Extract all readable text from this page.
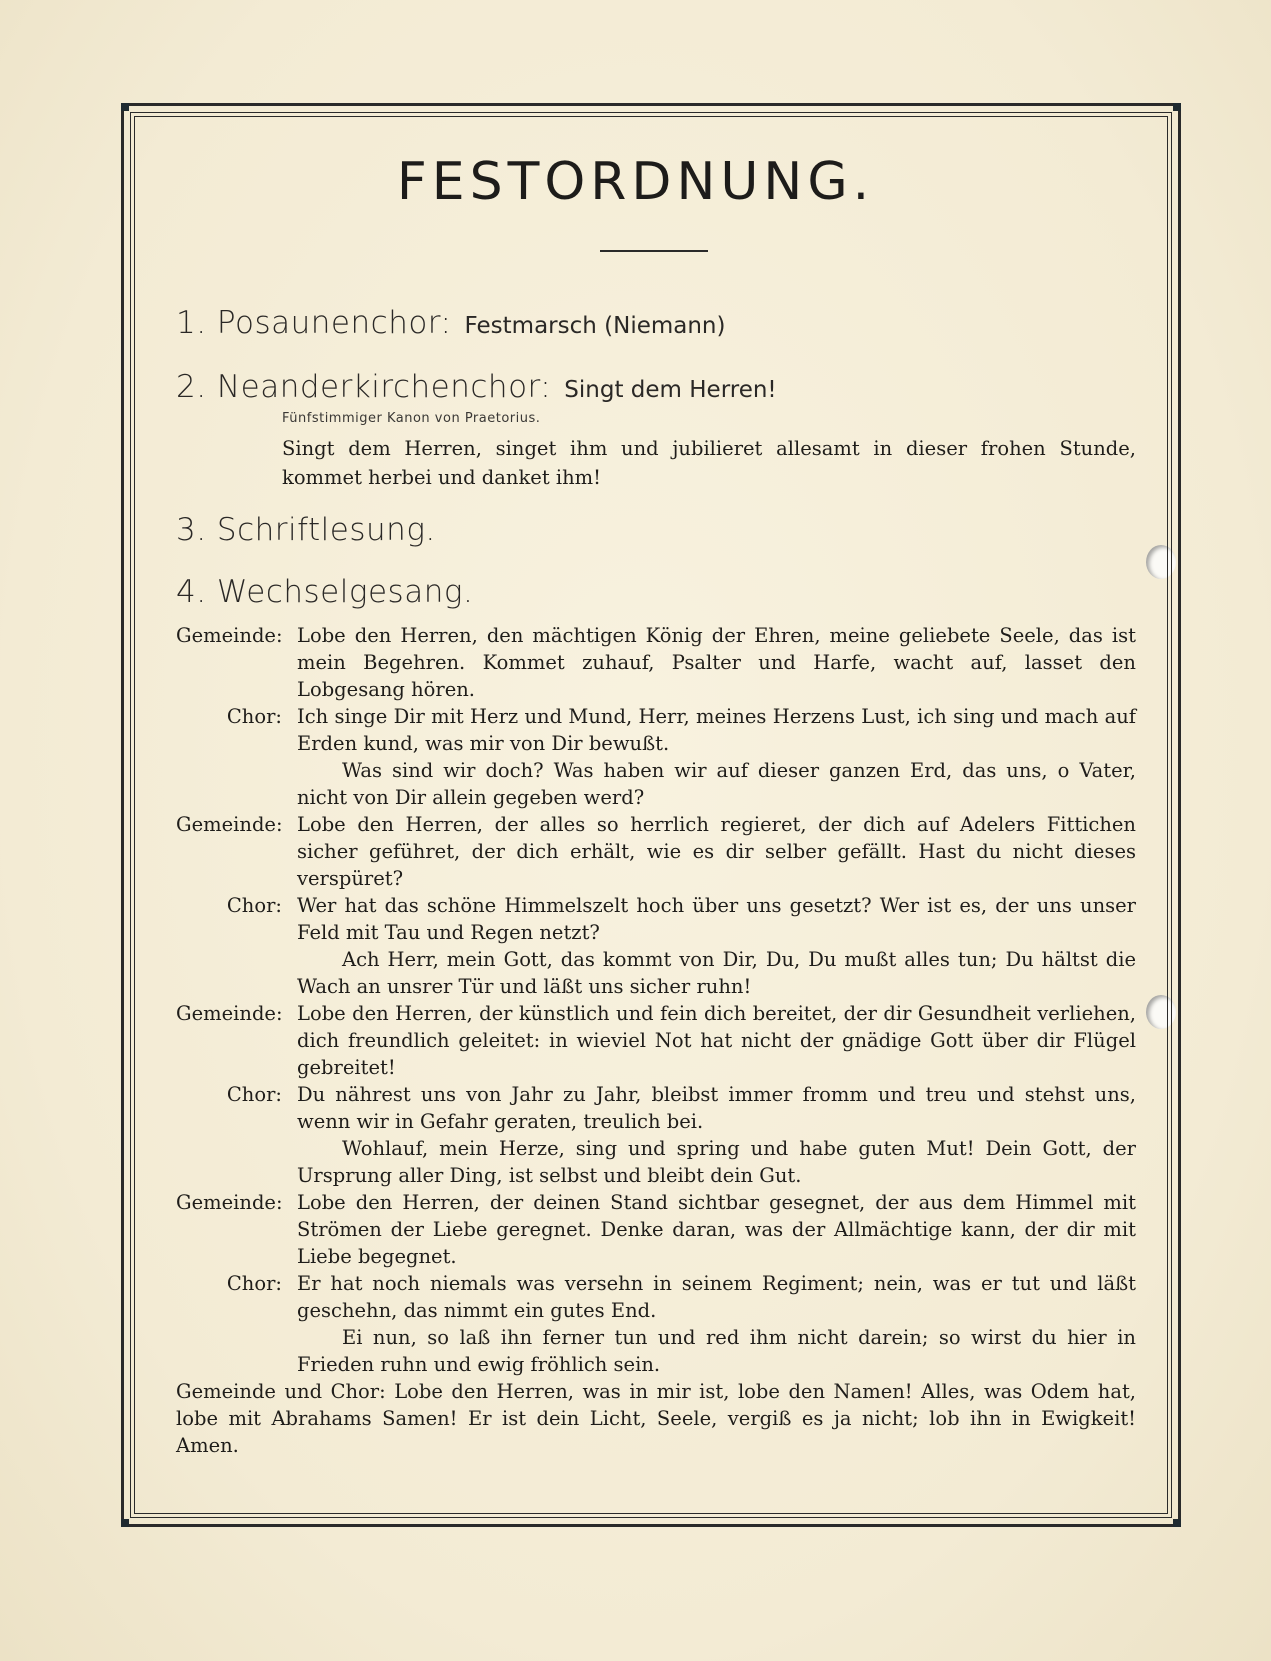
FESTORDNUNG.
1. Posaunenchor: Festmarsch (Niemann)
2. Neanderkirchenchor: Singt dem Herren!
Fünfstimmiger Kanon von Praetorius.
Singt dem Herren, singet ihm und jubilieret allesamt in dieser frohen Stunde, kommet herbei und danket ihm!
3. Schriftlesung.
4. Wechselgesang.
Gemeinde: Lobe den Herren, den mächtigen König der Ehren, meine geliebete Seele, das ist mein Begehren. Kommet zuhauf, Psalter und Harfe, wacht auf, lasset den Lobgesang hören.
Chor: Ich singe Dir mit Herz und Mund, Herr, meines Herzens Lust, ich sing und mach auf Erden kund, was mir von Dir bewußt.
Was sind wir doch? Was haben wir auf dieser ganzen Erd, das uns, o Vater, nicht von Dir allein gegeben werd?
Gemeinde: Lobe den Herren, der alles so herrlich regieret, der dich auf Adelers Fittichen sicher geführet, der dich erhält, wie es dir selber gefällt. Hast du nicht dieses verspüret?
Chor: Wer hat das schöne Himmelszelt hoch über uns gesetzt? Wer ist es, der uns unser Feld mit Tau und Regen netzt?
Ach Herr, mein Gott, das kommt von Dir, Du, Du mußt alles tun; Du hältst die Wach an unsrer Tür und läßt uns sicher ruhn!
Gemeinde: Lobe den Herren, der künstlich und fein dich bereitet, der dir Gesundheit verliehen, dich freundlich geleitet: in wieviel Not hat nicht der gnädige Gott über dir Flügel gebreitet!
Chor: Du nährest uns von Jahr zu Jahr, bleibst immer fromm und treu und stehst uns, wenn wir in Gefahr geraten, treulich bei.
Wohlauf, mein Herze, sing und spring und habe guten Mut! Dein Gott, der Ursprung aller Ding, ist selbst und bleibt dein Gut.
Gemeinde: Lobe den Herren, der deinen Stand sichtbar gesegnet, der aus dem Himmel mit Strömen der Liebe geregnet. Denke daran, was der Allmächtige kann, der dir mit Liebe begegnet.
Chor: Er hat noch niemals was versehn in seinem Regiment; nein, was er tut und läßt geschehn, das nimmt ein gutes End.
Ei nun, so laß ihn ferner tun und red ihm nicht darein; so wirst du hier in Frieden ruhn und ewig fröhlich sein.
Gemeinde und Chor: Lobe den Herren, was in mir ist, lobe den Namen! Alles, was Odem hat, lobe mit Abrahams Samen! Er ist dein Licht, Seele, vergiß es ja nicht; lob ihn in Ewigkeit! Amen.
